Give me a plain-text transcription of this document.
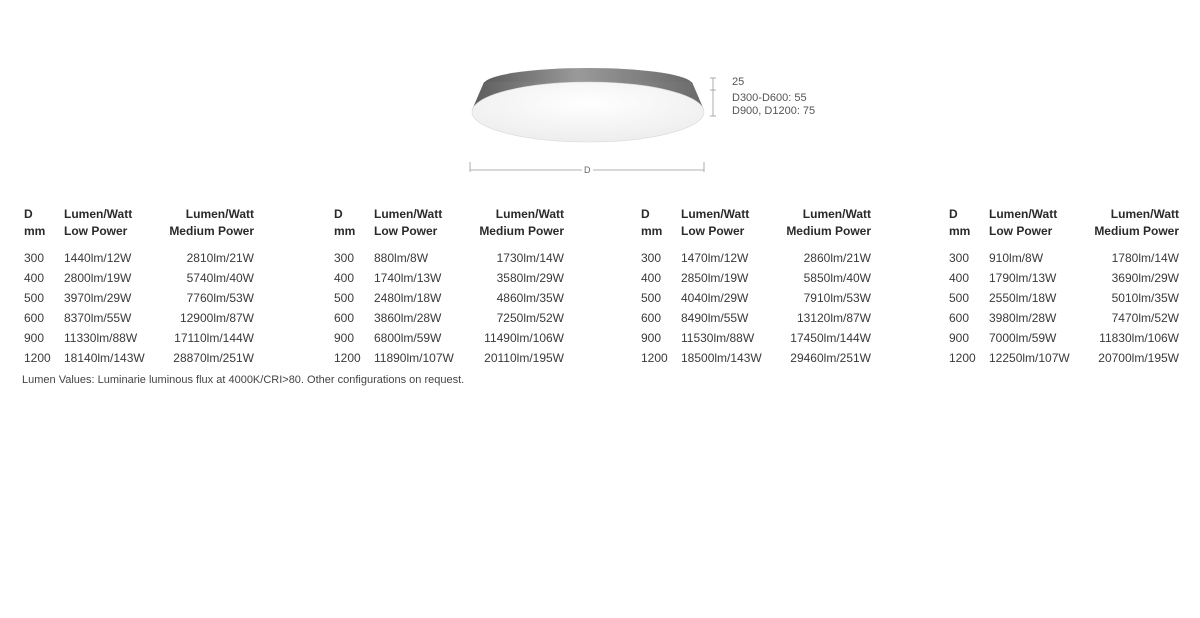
25
D300-D600: 55
D900, D1200: 75
D
D	Lumen/Watt	Lumen/Watt
mm Low Power	Medium Power
300 1440lm/12W	2810lm/21W
400 2800lm/19W	5740lm/40W
500 3970lm/29W	7760lm/53W
600 8370lm/55W	12900lm/87W
900 11330lm/88W	17110lm/144W
1200 18140lm/143W 28870lm/251W
D	Lumen/Watt	Lumen/Watt
mm Low Power	Medium Power
300 880lm/8W	1730lm/14W
400 1740lm/13W	3580lm/29W
500 2480lm/18W	4860lm/35W
600 3860lm/28W	7250lm/52W
900 6800lm/59W	11490lm/106W
1200 11890lm/107W	20110lm/195W
D	Lumen/Watt	Lumen/Watt
mm Low Power	Medium Power
300 1470lm/12W	2860lm/21W
400 2850lm/19W	5850lm/40W
500 4040lm/29W	7910lm/53W
600 8490lm/55W	13120lm/87W
900 11530lm/88W	17450lm/144W
1200 18500lm/143W 29460lm/251W
D	Lumen/Watt	Lumen/Watt
mm Low Power	Medium Power
300 910lm/8W	1780lm/14W
400 1790lm/13W	3690lm/29W
500 2550lm/18W	5010lm/35W
600 3980lm/28W	7470lm/52W
900 7000lm/59W	11830lm/106W
1200 12250lm/107W 20700lm/195W
Lumen Values: Luminarie luminous flux at 4000K/CRI>80. Other configurations on request.
